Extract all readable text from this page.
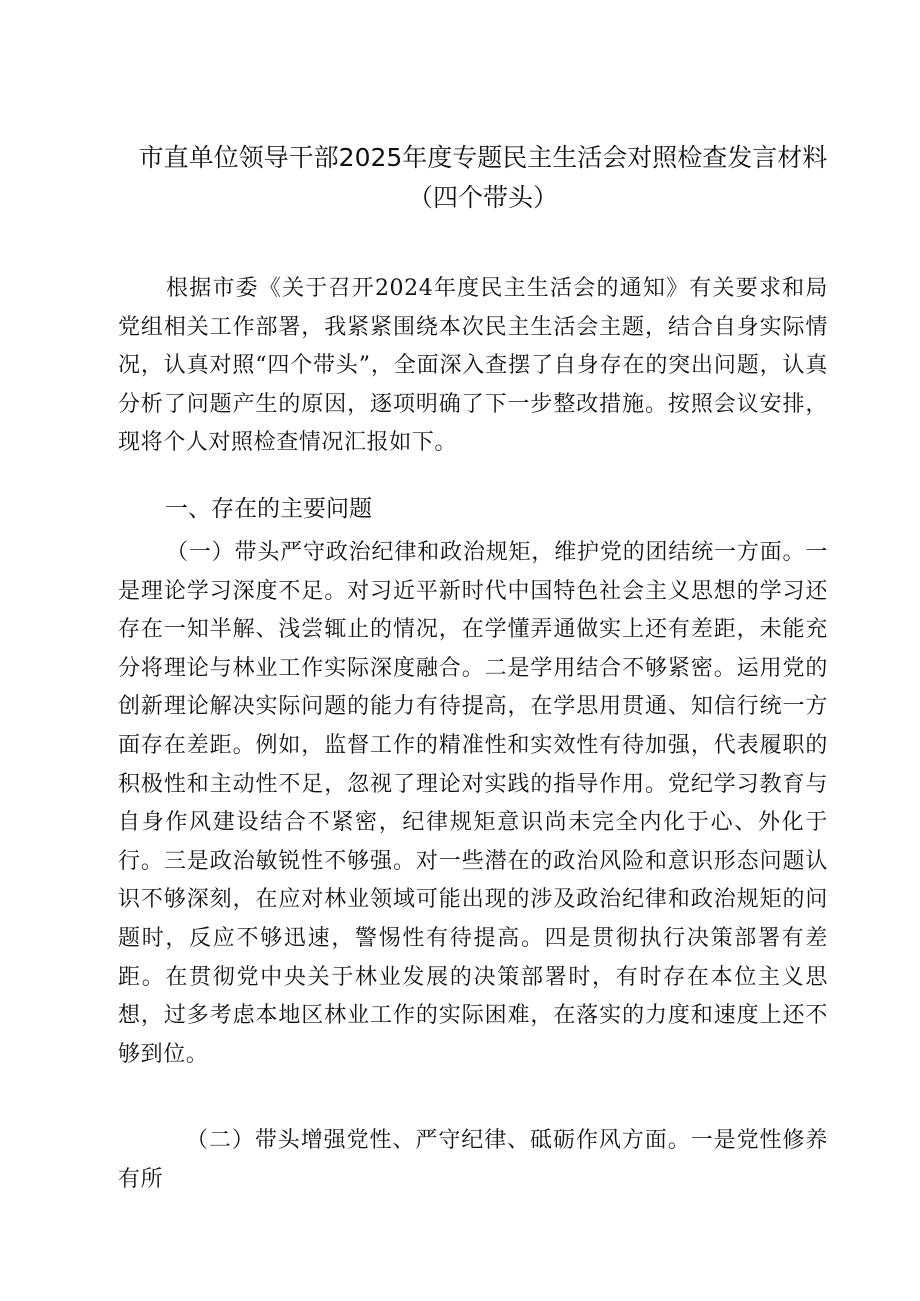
市直单位领导干部2025年度专题民主生活会对照检查发言材料（四个带头）

根据市委《关于召开2024年度民主生活会的通知》有关要求和局党组相关工作部署，我紧紧围绕本次民主生活会主题，结合自身实际情况，认真对照“四个带头”，全面深入查摆了自身存在的突出问题，认真分析了问题产生的原因，逐项明确了下一步整改措施。按照会议安排，现将个人对照检查情况汇报如下。

一、存在的主要问题

（一）带头严守政治纪律和政治规矩，维护党的团结统一方面。一是理论学习深度不足。对习近平新时代中国特色社会主义思想的学习还存在一知半解、浅尝辄止的情况，在学懂弄通做实上还有差距，未能充分将理论与林业工作实际深度融合。二是学用结合不够紧密。运用党的创新理论解决实际问题的能力有待提高，在学思用贯通、知信行统一方面存在差距。例如，监督工作的精准性和实效性有待加强，代表履职的积极性和主动性不足，忽视了理论对实践的指导作用。党纪学习教育与自身作风建设结合不紧密，纪律规矩意识尚未完全内化于心、外化于行。三是政治敏锐性不够强。对一些潜在的政治风险和意识形态问题认识不够深刻，在应对林业领域可能出现的涉及政治纪律和政治规矩的问题时，反应不够迅速，警惕性有待提高。四是贯彻执行决策部署有差距。在贯彻党中央关于林业发展的决策部署时，有时存在本位主义思想，过多考虑本地区林业工作的实际困难，在落实的力度和速度上还不够到位。

（二）带头增强党性、严守纪律、砥砺作风方面。一是党性修养有所
